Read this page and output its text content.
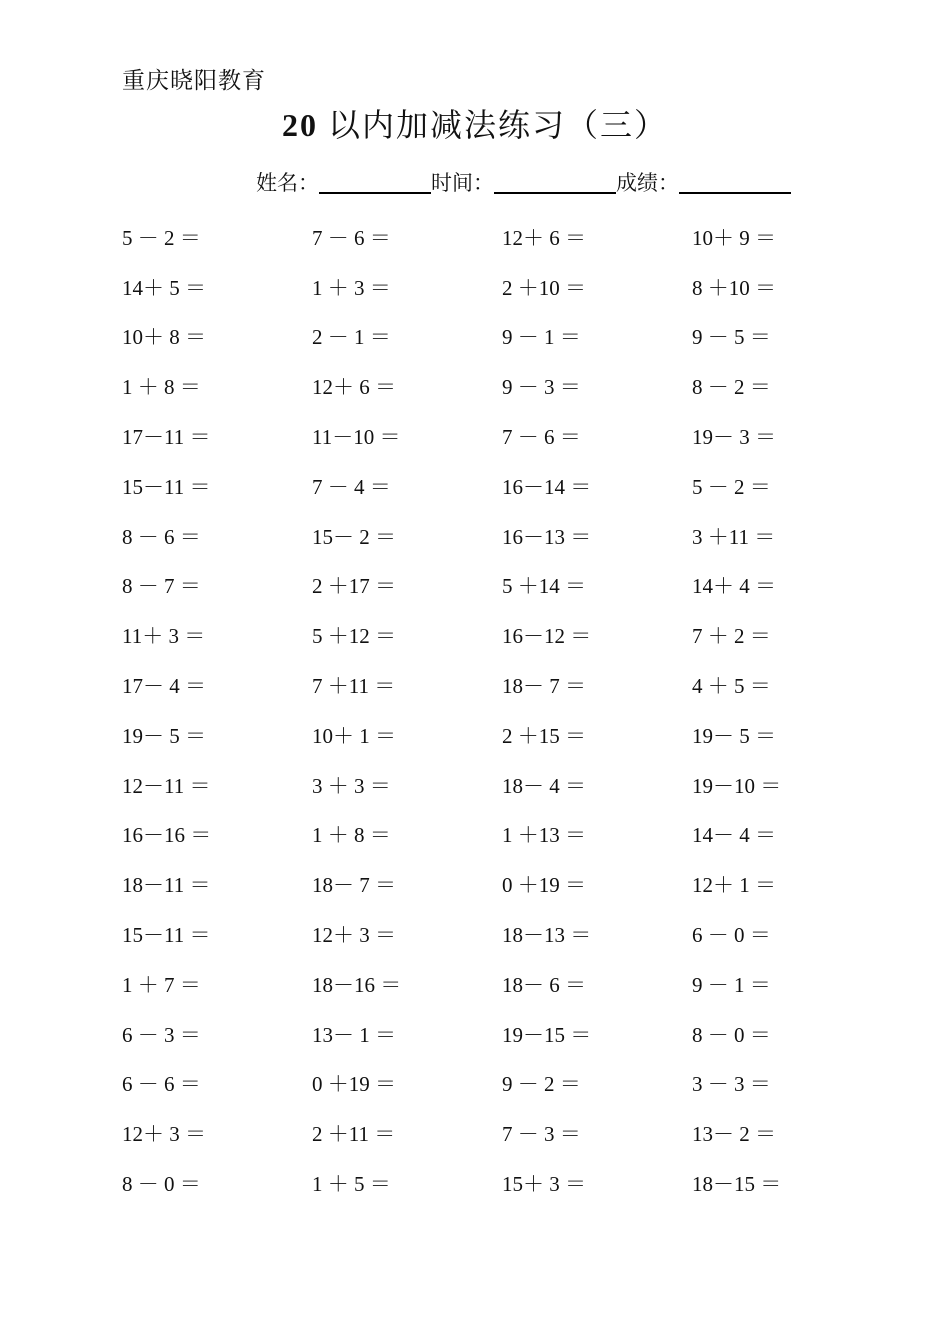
重庆晓阳教育
20 以内加减法练习（三）
姓名：	时间：	成绩：
5 － 2 ＝	7 － 6 ＝	12＋ 6 ＝	10＋ 9 ＝
14＋ 5 ＝	1 ＋ 3 ＝	2 ＋10 ＝	8 ＋10 ＝
10＋ 8 ＝	2 － 1 ＝	9 － 1 ＝	9 － 5 ＝
1 ＋ 8 ＝	12＋ 6 ＝	9 － 3 ＝	8 － 2 ＝
17－11 ＝	11－10 ＝	7 － 6 ＝	19－ 3 ＝
15－11 ＝	7 － 4 ＝	16－14 ＝	5 － 2 ＝
8 － 6 ＝	15－ 2 ＝	16－13 ＝	3 ＋11 ＝
8 － 7 ＝	2 ＋17 ＝	5 ＋14 ＝	14＋ 4 ＝
11＋ 3 ＝	5 ＋12 ＝	16－12 ＝	7 ＋ 2 ＝
17－ 4 ＝	7 ＋11 ＝	18－ 7 ＝	4 ＋ 5 ＝
19－ 5 ＝	10＋ 1 ＝	2 ＋15 ＝	19－ 5 ＝
12－11 ＝	3 ＋ 3 ＝	18－ 4 ＝	19－10 ＝
16－16 ＝	1 ＋ 8 ＝	1 ＋13 ＝	14－ 4 ＝
18－11 ＝	18－ 7 ＝	0 ＋19 ＝	12＋ 1 ＝
15－11 ＝	12＋ 3 ＝	18－13 ＝	6 － 0 ＝
1 ＋ 7 ＝	18－16 ＝	18－ 6 ＝	9 － 1 ＝
6 － 3 ＝	13－ 1 ＝	19－15 ＝	8 － 0 ＝
6 － 6 ＝	0 ＋19 ＝	9 － 2 ＝	3 － 3 ＝
12＋ 3 ＝	2 ＋11 ＝	7 － 3 ＝	13－ 2 ＝
8 － 0 ＝	1 ＋ 5 ＝	15＋ 3 ＝	18－15 ＝
